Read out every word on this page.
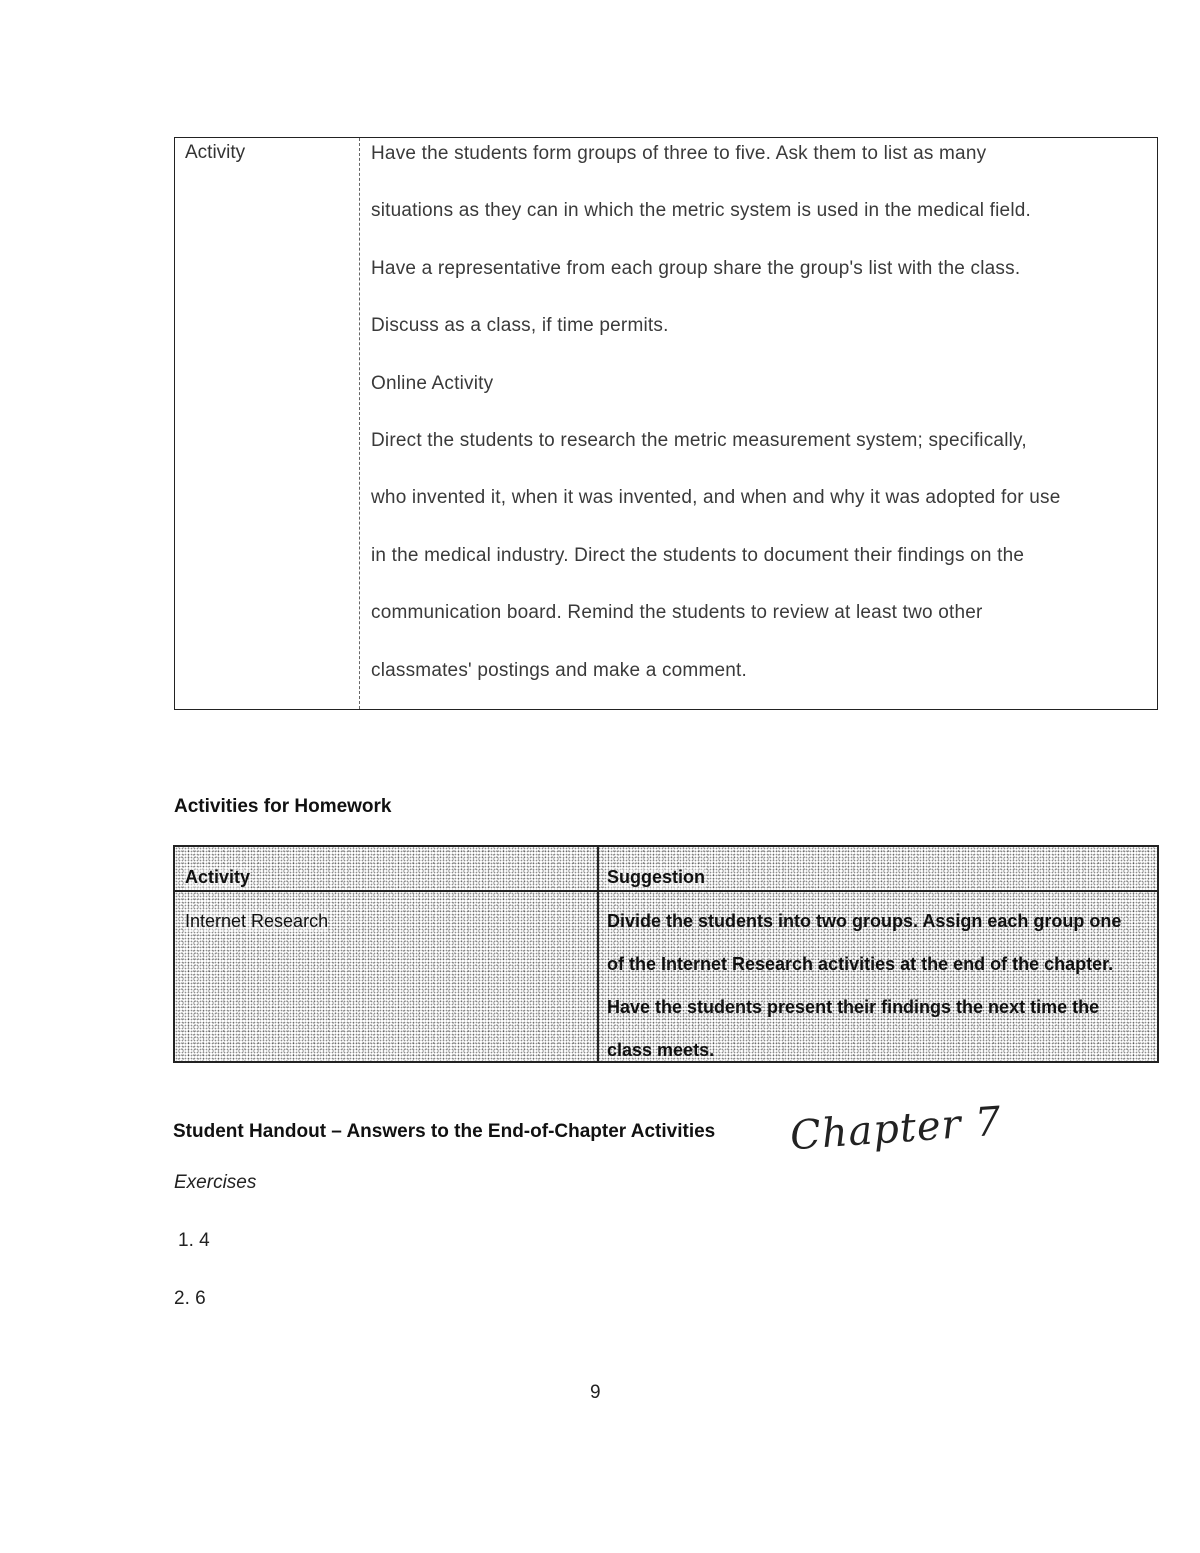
Activity	Have the students form groups of three to five. Ask them to list as many
situations as they can in which the metric system is used in the medical field.
Have a representative from each group share the group's list with the class.
Discuss as a class, if time permits.
Online Activity
Direct the students to research the metric measurement system; specifically,
who invented it, when it was invented, and when and why it was adopted for use
in the medical industry. Direct the students to document their findings on the
communication board. Remind the students to review at least two other
classmates' postings and make a comment.
Activities for Homework
Activity	Suggestion
Internet Research	Divide the students into two groups. Assign each group one
of the Internet Research activities at the end of the chapter.
Have the students present their findings the next time the
class meets.
Student Handout – Answers to the End-of-Chapter Activities Chapter 7
Exercises
1. 4
2. 6
9
